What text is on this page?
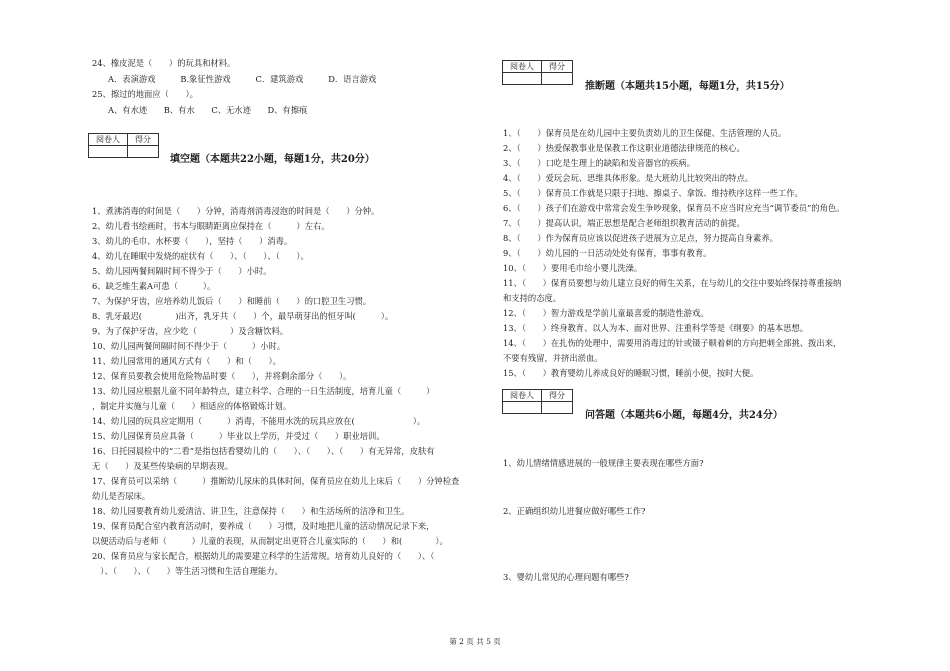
24、橡皮泥是（　　）的玩具和材料。
A．表演游戏　　　B.象征性游戏　　　C．建筑游戏　　　D．语言游戏
25、擦过的地面应（　　）。
A、有水迹　　B、有水　　C、无水迹　　D、有擦痕
阅卷人	得分

填空题（本题共22小题，每题1分，共20分）
1、煮沸消毒的时间是（　　）分钟，消毒剂消毒浸泡的时间是（　　）分钟。
2、幼儿看书绘画时，书本与眼睛距离应保持在（　　　）左右。
3、幼儿的毛巾、水杯要（　　），坚持（　　）消毒。
4、幼儿在睡眠中发烧的症状有（　　）、（　　）、（　　）。
5、幼儿园两餐间隔时间不得少于（　　）小时。
6、缺乏维生素A可患（　　　）。
7、为保护牙齿，应培养幼儿饭后（　　）和睡前（　　）的口腔卫生习惯。
8、乳牙最迟(　　　　)出齐，乳牙共（　　）个，最早萌芽出的恒牙叫(　　　）。
9、为了保护牙齿，应少吃（　　　　）及含糖饮料。
10、幼儿园两餐间隔时间不得少于（　　　）小时。
11、幼儿园常用的通风方式有（　　）和（　　）。
12、保育员要教会使用危险物品时要（　　），并将剩余部分（　　）。
13、幼儿园应根据儿童不同年龄特点，建立科学、合理的一日生活制度，培育儿童（　　　）
，制定并实施与儿童（　　）相适应的体格锻炼计划。
14、幼儿园的玩具应定期用（　　　）消毒，不能用水洗的玩具应放在(　　　　　　　）。
15、幼儿园保育员应具备（　　　）毕业以上学历，并受过（　　）职业培训。
16、日托园晨检中的“二看”是指包括看婴幼儿的（　　）、（　　）、（　　）有无异常，皮肤有
无（　　）及某些传染病的早期表现。
17、保育员可以采纳（　　　）推断幼儿尿床的具体时间，保育员应在幼儿上床后（　　）分钟检查
幼儿是否尿床。
18、幼儿园要教育幼儿爱清洁、讲卫生，注意保持（　　）和生活场所的洁净和卫生。
19、保育员配合室内教育活动时，要养成（　　）习惯，及时地把儿童的活动情况记录下来，
以便活动后与老师（　　　）儿童的表现，从而制定出更符合儿童实际的（　　）和(　　　　）。
20、保育员应与家长配合，根据幼儿的需要建立科学的生活常规。培育幼儿良好的（　　）、（
　）、（　　）、（　　）等生活习惯和生活自理能力。
阅卷人	得分

推断题（本题共15小题，每题1分，共15分）
1、（　　）保育员是在幼儿园中主要负责幼儿的卫生保健、生活管理的人员。
2、（　　）热爱保教事业是保教工作这职业道德法律规范的核心。
3、（　　）口吃是生理上的缺陷和发音器官的疾病。
4、（　　）爱玩会玩、思维具体形象。是大班幼儿比较突出的特点。
5、（　　）保育员工作就是只限于扫地、擦桌子、拿饭、维持秩序这样一些工作。
6、（　　）孩子们在游戏中常常会发生争吵现象，保育员不应当时应充当“调节委员”的角色。
7、（　　）提高认识，端正思想是配合老师组织教育活动的前提。
8、（　　）作为保育员应该以促进孩子进展为立足点，努力提高自身素养。
9、（　　）幼儿园的一日活动处处有保育，事事有教育。
10、（　　）要用毛巾给小婴儿洗澡。
11、（　　）保育员要想与幼儿建立良好的师生关系，在与幼儿的交往中要始终保持尊重接纳
和支持的态度。
12、（　　）智力游戏是学前儿童最喜爱的制造性游戏。
13、（　　）终身教育、以人为本、面对世界、注重科学等是《纲要》的基本思想。
14、（　　）在扎伤的处理中，需要用消毒过的针或镊子顺着刺的方向把刺全部挑、拨出来，
不要有残留，并挤出淤血。
15、（　　）教育婴幼儿养成良好的睡眠习惯，睡前小便，按时大便。
阅卷人	得分

问答题（本题共6小题，每题4分，共24分）
1、幼儿情绪情感进展的一般规律主要表现在哪些方面?
2、正确组织幼儿进餐应做好哪些工作?
3、婴幼儿常见的心理问题有哪些?
第 2 页 共 5 页
